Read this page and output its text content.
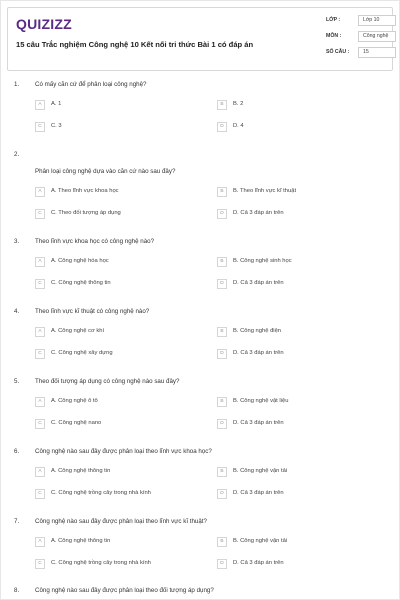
QUIZIZZ
15 câu Trắc nghiệm Công nghệ 10 Kết nối tri thức Bài 1 có đáp án
LỚP :	Lớp 10
MÔN :	Công nghệ
SỐ CÂU :	15
1.	Có mấy căn cứ để phân loại công nghệ?
A	A. 1	B	B. 2
C	C. 3	D	D. 4
2.
Phân loại công nghệ dựa vào căn cứ nào sau đây?
A	A. Theo lĩnh vực khoa học	B	B. Theo lĩnh vực kĩ thuật
C	C. Theo đối tượng áp dụng	D	D. Cả 3 đáp án trên
3.	Theo lĩnh vực khoa học có công nghệ nào?
A	A. Công nghệ hóa học	B	B. Công nghệ sinh học
C	C. Công nghệ thông tin	D	D. Cả 3 đáp án trên
4.	Theo lĩnh vực kĩ thuật có công nghệ nào?
A	A. Công nghệ cơ khí	B	B. Công nghệ điện
C	C. Công nghệ xây dựng	D	D. Cả 3 đáp án trên
5.	Theo đối tượng áp dụng có công nghệ nào sau đây?
A	A. Công nghệ ô tô	B	B. Công nghệ vật liệu
C	C. Công nghệ nano	D	D. Cả 3 đáp án trên
6.	Công nghệ nào sau đây được phân loại theo lĩnh vực khoa học?
A	A. Công nghệ thông tin	B	B. Công nghệ vận tải
C	C. Công nghệ trồng cây trong nhà kính	D	D. Cả 3 đáp án trên
7.	Công nghệ nào sau đây được phân loại theo lĩnh vực kĩ thuật?
A	A. Công nghệ thông tin	B	B. Công nghệ vận tải
C	C. Công nghệ trồng cây trong nhà kính	D	D. Cả 3 đáp án trên
8.	Công nghệ nào sau đây được phân loại theo đối tượng áp dụng?
